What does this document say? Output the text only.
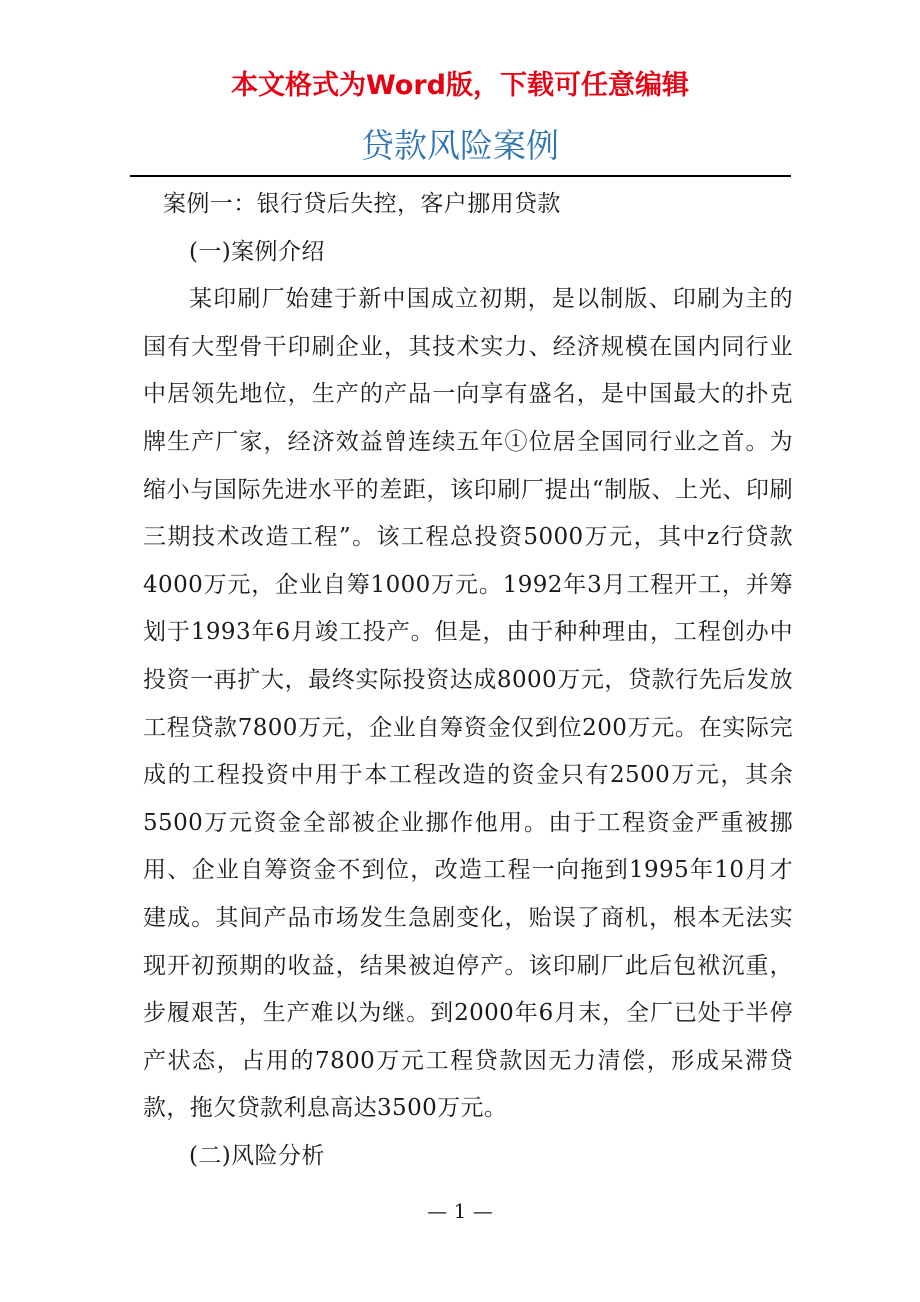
本文格式为Word版，下载可任意编辑
贷款风险案例

案例一：银行贷后失控，客户挪用贷款

(一)案例介绍

某印刷厂始建于新中国成立初期，是以制版、印刷为主的国有大型骨干印刷企业，其技术实力、经济规模在国内同行业中居领先地位，生产的产品一向享有盛名，是中国最大的扑克牌生产厂家，经济效益曾连续五年①位居全国同行业之首。为缩小与国际先进水平的差距，该印刷厂提出“制版、上光、印刷三期技术改造工程”。该工程总投资5000万元，其中z行贷款4000万元，企业自筹1000万元。1992年3月工程开工，并筹划于1993年6月竣工投产。但是，由于种种理由，工程创办中投资一再扩大，最终实际投资达成8000万元，贷款行先后发放工程贷款7800万元，企业自筹资金仅到位200万元。在实际完成的工程投资中用于本工程改造的资金只有2500万元，其余5500万元资金全部被企业挪作他用。由于工程资金严重被挪用、企业自筹资金不到位，改造工程一向拖到1995年10月才建成。其间产品市场发生急剧变化，贻误了商机，根本无法实现开初预期的收益，结果被迫停产。该印刷厂此后包袱沉重，步履艰苦，生产难以为继。到2000年6月末，全厂已处于半停产状态，占用的7800万元工程贷款因无力清偿，形成呆滞贷款，拖欠贷款利息高达3500万元。

(二)风险分析

— 1 —
